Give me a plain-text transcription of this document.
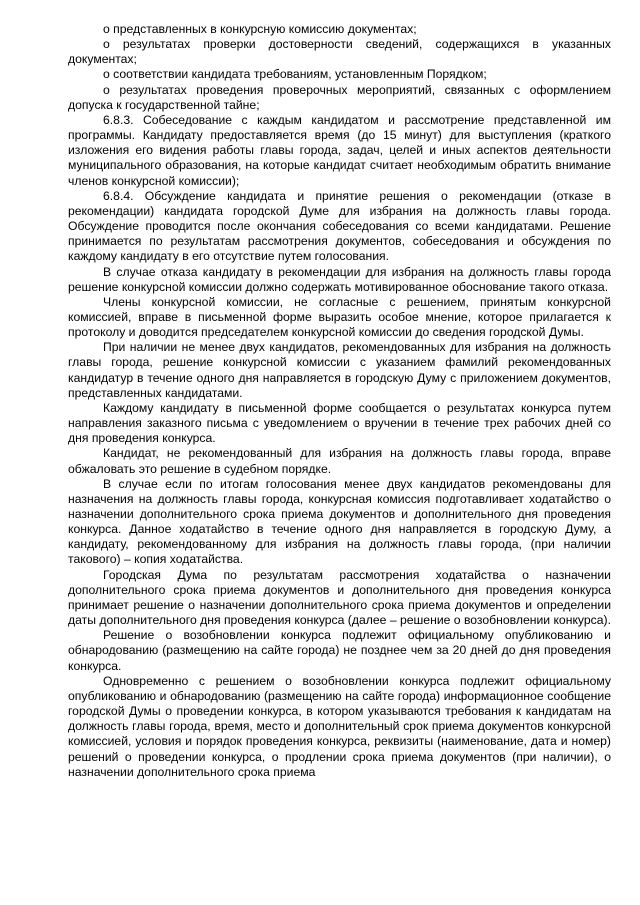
о представленных в конкурсную комиссию документах;

о результатах проверки достоверности сведений, содержащихся в указанных документах;

о соответствии кандидата требованиям, установленным Порядком;

о результатах проведения проверочных мероприятий, связанных с оформлением допуска к государственной тайне;

6.8.3. Собеседование с каждым кандидатом и рассмотрение представленной им программы. Кандидату предоставляется время (до 15 минут) для выступления (краткого изложения его видения работы главы города, задач, целей и иных аспектов деятельности муниципального образования, на которые кандидат считает необходимым обратить внимание членов конкурсной комиссии);

6.8.4. Обсуждение кандидата и принятие решения о рекомендации (отказе в рекомендации) кандидата городской Думе для избрания на должность главы города. Обсуждение проводится после окончания собеседования со всеми кандидатами. Решение принимается по результатам рассмотрения документов, собеседования и обсуждения по каждому кандидату в его отсутствие путем голосования.

В случае отказа кандидату в рекомендации для избрания на должность главы города решение конкурсной комиссии должно содержать мотивированное обоснование такого отказа.

Члены конкурсной комиссии, не согласные с решением, принятым конкурсной комиссией, вправе в письменной форме выразить особое мнение, которое прилагается к протоколу и доводится председателем конкурсной комиссии до сведения городской Думы.

При наличии не менее двух кандидатов, рекомендованных для избрания на должность главы города, решение конкурсной комиссии с указанием фамилий рекомендованных кандидатур в течение одного дня направляется в городскую Думу с приложением документов, представленных кандидатами.

Каждому кандидату в письменной форме сообщается о результатах конкурса путем направления заказного письма с уведомлением о вручении в течение трех рабочих дней со дня проведения конкурса.

Кандидат, не рекомендованный для избрания на должность главы города, вправе обжаловать это решение в судебном порядке.

В случае если по итогам голосования менее двух кандидатов рекомендованы для назначения на должность главы города, конкурсная комиссия подготавливает ходатайство о назначении дополнительного срока приема документов и дополнительного дня проведения конкурса. Данное ходатайство в течение одного дня направляется в городскую Думу, а кандидату, рекомендованному для избрания на должность главы города, (при наличии такового) – копия ходатайства.

Городская Дума по результатам рассмотрения ходатайства о назначении дополнительного срока приема документов и дополнительного дня проведения конкурса принимает решение о назначении дополнительного срока приема документов и определении даты дополнительного дня проведения конкурса (далее – решение о возобновлении конкурса).

Решение о возобновлении конкурса подлежит официальному опубликованию и обнародованию (размещению на сайте города) не позднее чем за 20 дней до дня проведения конкурса.

Одновременно с решением о возобновлении конкурса подлежит официальному опубликованию и обнародованию (размещению на сайте города) информационное сообщение городской Думы о проведении конкурса, в котором указываются требования к кандидатам на должность главы города, время, место и дополнительный срок приема документов конкурсной комиссией, условия и порядок проведения конкурса, реквизиты (наименование, дата и номер) решений о проведении конкурса, о продлении срока приема документов (при наличии), о назначении дополнительного срока приема
